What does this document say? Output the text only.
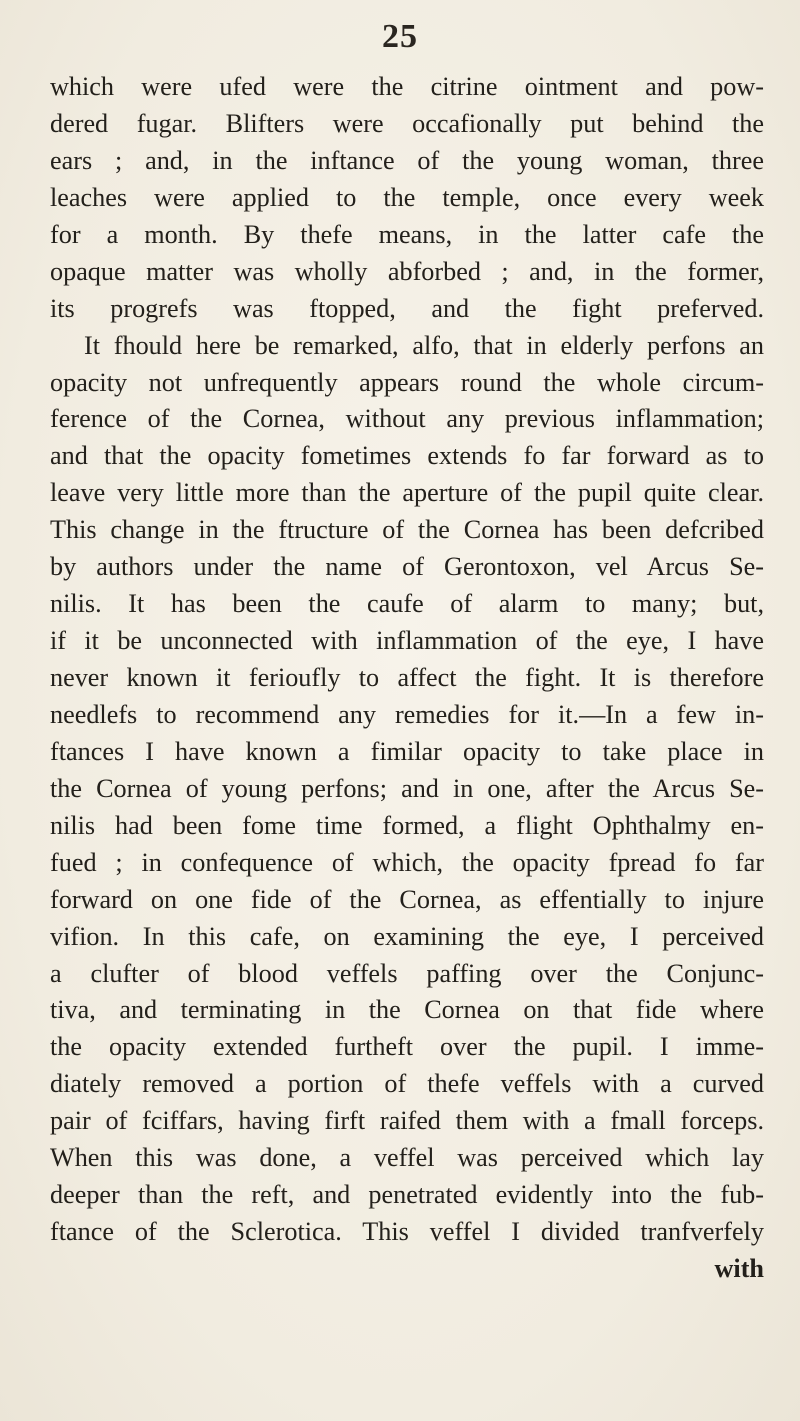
25
which were ufed were the citrine ointment and pow-
dered fugar. Blifters were occafionally put behind the
ears ; and, in the inftance of the young woman, three
leaches were applied to the temple, once every week
for a month. By thefe means, in the latter cafe the
opaque matter was wholly abforbed ; and, in the former,
its progrefs was ftopped, and the fight preferved.
It fhould here be remarked, alfo, that in elderly perfons an
opacity not unfrequently appears round the whole circum-
ference of the Cornea, without any previous inflammation;
and that the opacity fometimes extends fo far forward as to
leave very little more than the aperture of the pupil quite clear.
This change in the ftructure of the Cornea has been defcribed
by authors under the name of Gerontoxon, vel Arcus Se-
nilis. It has been the caufe of alarm to many; but,
if it be unconnected with inflammation of the eye, I have
never known it ferioufly to affect the fight. It is therefore
needlefs to recommend any remedies for it.—In a few in-
ftances I have known a fimilar opacity to take place in
the Cornea of young perfons; and in one, after the Arcus Se-
nilis had been fome time formed, a flight Ophthalmy en-
fued ; in confequence of which, the opacity fpread fo far
forward on one fide of the Cornea, as effentially to injure
vifion. In this cafe, on examining the eye, I perceived
a clufter of blood veffels paffing over the Conjunc-
tiva, and terminating in the Cornea on that fide where
the opacity extended furtheft over the pupil. I imme-
diately removed a portion of thefe veffels with a curved
pair of fciffars, having firft raifed them with a fmall forceps.
When this was done, a veffel was perceived which lay
deeper than the reft, and penetrated evidently into the fub-
ftance of the Sclerotica. This veffel I divided tranfverfely
with
